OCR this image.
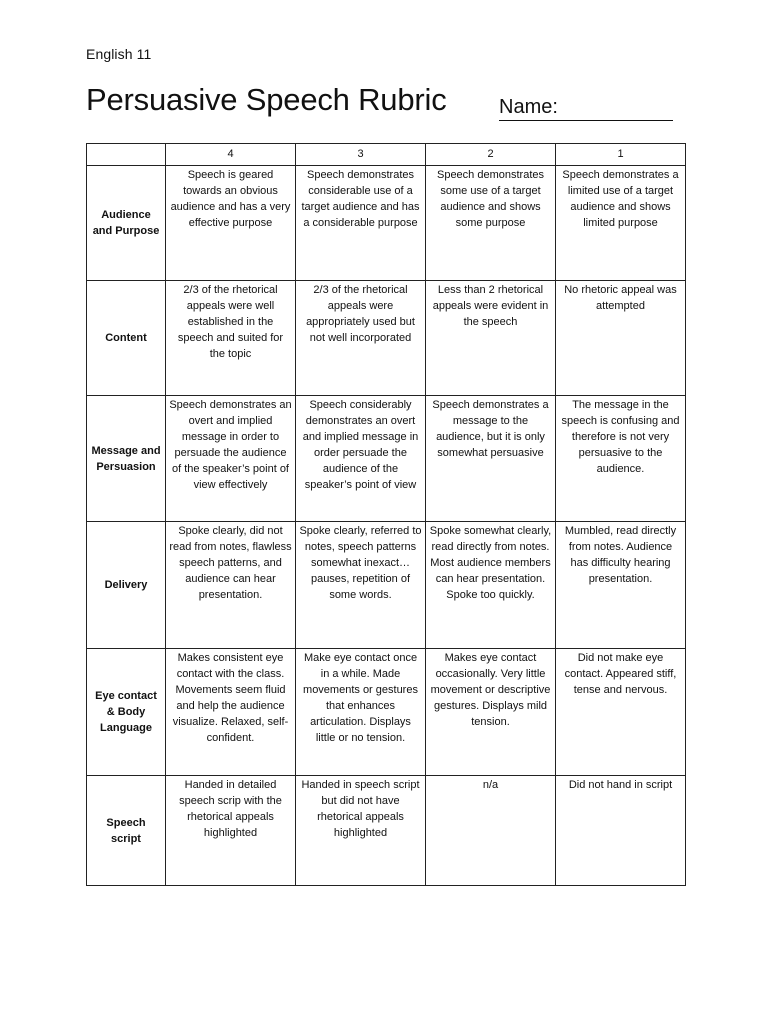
English 11
Persuasive Speech Rubric	Name:
	4	3	2	1
Audience and Purpose	Speech is geared towards an obvious audience and has a very effective purpose	Speech demonstrates considerable use of a target audience and has a considerable purpose	Speech demonstrates some use of a target audience and shows some purpose	Speech demonstrates a limited use of a target audience and shows limited purpose
Content	2/3 of the rhetorical appeals were well established in the speech and suited for the topic	2/3 of the rhetorical appeals were appropriately used but not well incorporated	Less than 2 rhetorical appeals were evident in the speech	No rhetoric appeal was attempted
Message and Persuasion	Speech demonstrates an overt and implied message in order to persuade the audience of the speaker’s point of view effectively	Speech considerably demonstrates an overt and implied message in order persuade the audience of the speaker’s point of view	Speech demonstrates a message to the audience, but it is only somewhat persuasive	The message in the speech is confusing and therefore is not very persuasive to the audience.
Delivery	Spoke clearly, did not read from notes, flawless speech patterns, and audience can hear presentation.	Spoke clearly, referred to notes, speech patterns somewhat inexact…pauses, repetition of some words.	Spoke somewhat clearly, read directly from notes. Most audience members can hear presentation. Spoke too quickly.	Mumbled, read directly from notes. Audience has difficulty hearing presentation.
Eye contact & Body Language	Makes consistent eye contact with the class. Movements seem fluid and help the audience visualize. Relaxed, self-confident.	Make eye contact once in a while. Made movements or gestures that enhances articulation. Displays little or no tension.	Makes eye contact occasionally. Very little movement or descriptive gestures. Displays mild tension.	Did not make eye contact. Appeared stiff, tense and nervous.
Speech script	Handed in detailed speech scrip with the rhetorical appeals highlighted	Handed in speech script but did not have rhetorical appeals highlighted	n/a	Did not hand in script
